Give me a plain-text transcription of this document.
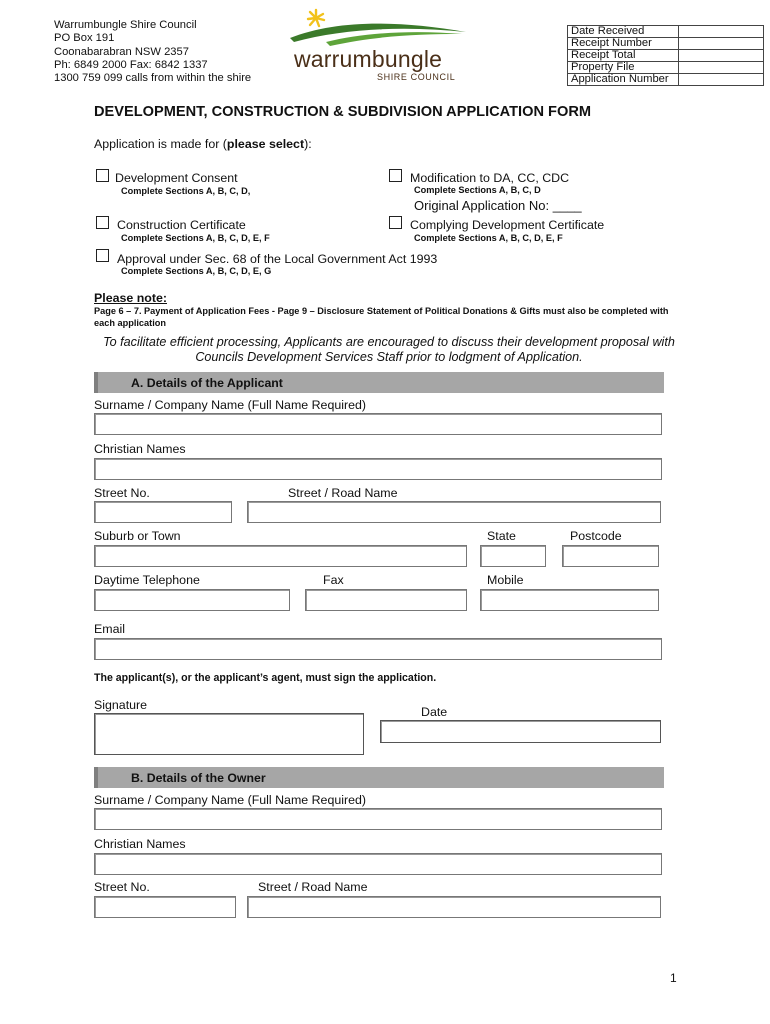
Warrumbungle Shire Council
PO Box 191
Coonabarabran NSW 2357
Ph: 6849 2000 Fax: 6842 1337
1300 759 099 calls from within the shire
warrumbungle
SHIRE COUNCIL
Date Received	
Receipt Number	
Receipt Total	
Property File	
Application Number	
DEVELOPMENT, CONSTRUCTION & SUBDIVISION APPLICATION FORM
Application is made for (please select):
Development Consent
Complete Sections A, B, C, D,
Modification to DA, CC, CDC
Complete Sections A, B, C, D
Original Application No: ____
Construction Certificate
Complete Sections A, B, C, D, E, F
Complying Development Certificate
Complete Sections A, B, C, D, E, F
Approval under Sec. 68 of the Local Government Act 1993
Complete Sections A, B, C, D, E, G
Please note:
Page 6 – 7. Payment of Application Fees - Page 9 – Disclosure Statement of Political Donations & Gifts must also be completed with each application
To facilitate efficient processing, Applicants are encouraged to discuss their development proposal with Councils Development Services Staff prior to lodgment of Application.
A. Details of the Applicant
Surname / Company Name (Full Name Required)
Christian Names
Street No.	Street / Road Name
Suburb or Town	State	Postcode
Daytime Telephone	Fax	Mobile
Email
The applicant(s), or the applicant’s agent, must sign the application.
Signature	Date
B. Details of the Owner
Surname / Company Name (Full Name Required)
Christian Names
Street No.	Street / Road Name
1
